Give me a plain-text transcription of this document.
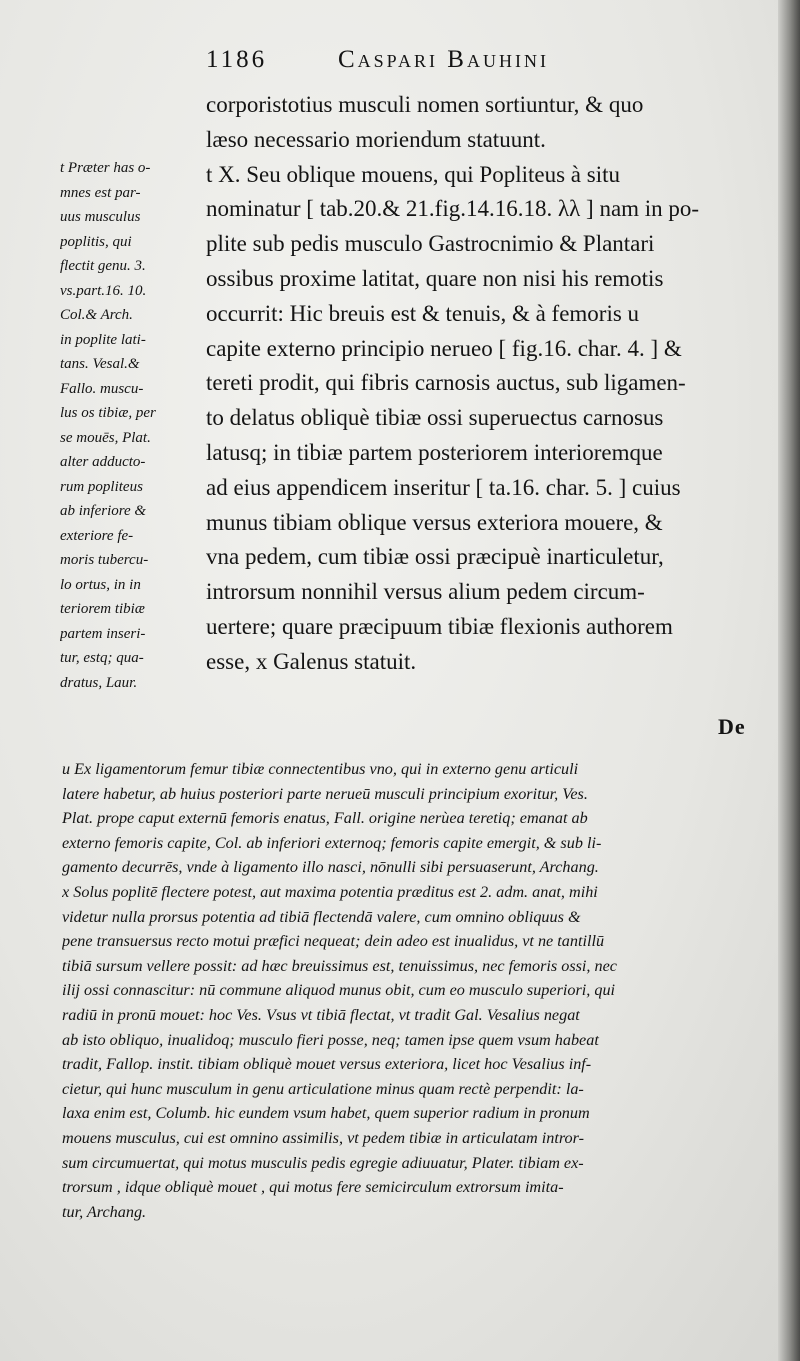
1186	Caspari Bauhini
corporistotius musculi nomen sortiuntur, & quo
læso necessario moriendum statuunt.
t X. Seu oblique mouens, qui Popliteus à situ
nominatur [ tab.20.& 21.fig.14.16.18. λλ ] nam in po-
plite sub pedis musculo Gastrocnimio & Plantari
ossibus proxime latitat, quare non nisi his remotis
occurrit: Hic breuis est & tenuis, & à femoris u
capite externo principio nerueo [ fig.16. char. 4. ] &
tereti prodit, qui fibris carnosis auctus, sub ligamen-
to delatus obliquè tibiæ ossi superuectus carnosus
latusq; in tibiæ partem posteriorem interioremque
ad eius appendicem inseritur [ ta.16. char. 5. ] cuius
munus tibiam oblique versus exteriora mouere, &
vna pedem, cum tibiæ ossi præcipuè inarticuletur,
introrsum nonnihil versus alium pedem circum-
uertere; quare præcipuum tibiæ flexionis authorem
esse, x Galenus statuit.
t Præter has o-
mnes est par-
uus musculus
poplitis, qui
flectit genu. 3.
vs.part.16. 10.
Col.& Arch.
in poplite lati-
tans. Vesal.&
Fallo. muscu-
lus os tibiæ, per
se mouēs, Plat.
alter adducto-
rum popliteus
ab inferiore &
exteriore fe-
moris tubercu-
lo ortus, in in
teriorem tibiæ
partem inseri-
tur, estq; qua-
dratus, Laur.
De
u Ex ligamentorum femur tibiæ connectentibus vno, qui in externo genu articuli
latere habetur, ab huius posteriori parte nerueū musculi principium exoritur, Ves.
Plat. prope caput externū femoris enatus, Fall. origine nerùea teretiq; emanat ab
externo femoris capite, Col. ab inferiori externoq; femoris capite emergit, & sub li-
gamento decurrēs, vnde à ligamento illo nasci, nōnulli sibi persuaserunt, Archang.
x Solus poplitē flectere potest, aut maxima potentia præditus est 2. adm. anat, mihi
videtur nulla prorsus potentia ad tibiā flectendā valere, cum omnino obliquus &
pene transuersus recto motui præfici nequeat; dein adeo est inualidus, vt ne tantillū
tibiā sursum vellere possit: ad hæc breuissimus est, tenuissimus, nec femoris ossi, nec
ilij ossi connascitur: nū commune aliquod munus obit, cum eo musculo superiori, qui
radiū in pronū mouet: hoc Ves. Vsus vt tibiā flectat, vt tradit Gal. Vesalius negat
ab isto obliquo, inualidoq; musculo fieri posse, neq; tamen ipse quem vsum habeat
tradit, Fallop. instit. tibiam obliquè mouet versus exteriora, licet hoc Vesalius inf-
cietur, qui hunc musculum in genu articulatione minus quam rectè perpendit: la-
laxa enim est, Columb. hic eundem vsum habet, quem superior radium in pronum
mouens musculus, cui est omnino assimilis, vt pedem tibiæ in articulatam intror-
sum circumuertat, qui motus musculis pedis egregie adiuuatur, Plater. tibiam ex-
trorsum , idque obliquè mouet , qui motus fere semicirculum extrorsum imita-
tur, Archang.
